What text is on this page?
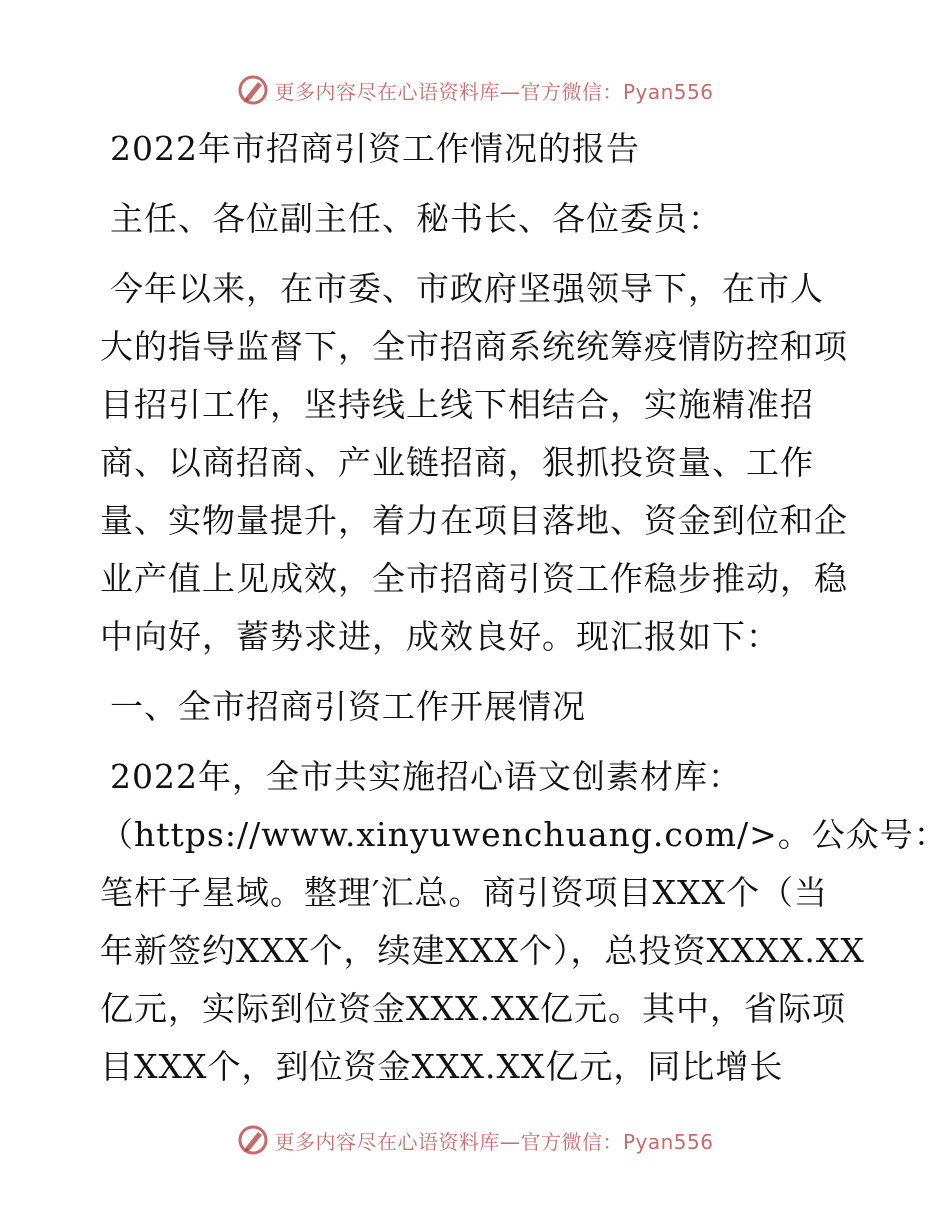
更多内容尽在心语资料库—官方微信：Pyan556
2022年市招商引资工作情况的报告
主任、各位副主任、秘书长、各位委员：
今年以来，在市委、市政府坚强领导下，在市人
大的指导监督下，全市招商系统统筹疫情防控和项
目招引工作，坚持线上线下相结合，实施精准招
商、以商招商、产业链招商，狠抓投资量、工作
量、实物量提升，着力在项目落地、资金到位和企
业产值上见成效，全市招商引资工作稳步推动，稳
中向好，蓄势求进，成效良好。现汇报如下：
一、全市招商引资工作开展情况
2022年，全市共实施招心语文创素材库：
（https://www.xinyuwenchuang.com/>。公众号：
笔杆子星域。整理′汇总。商引资项目XXX个（当
年新签约XXX个，续建XXX个），总投资XXXX.XX
亿元，实际到位资金XXX.XX亿元。其中，省际项
目XXX个，到位资金XXX.XX亿元，同比增长
更多内容尽在心语资料库—官方微信：Pyan556
